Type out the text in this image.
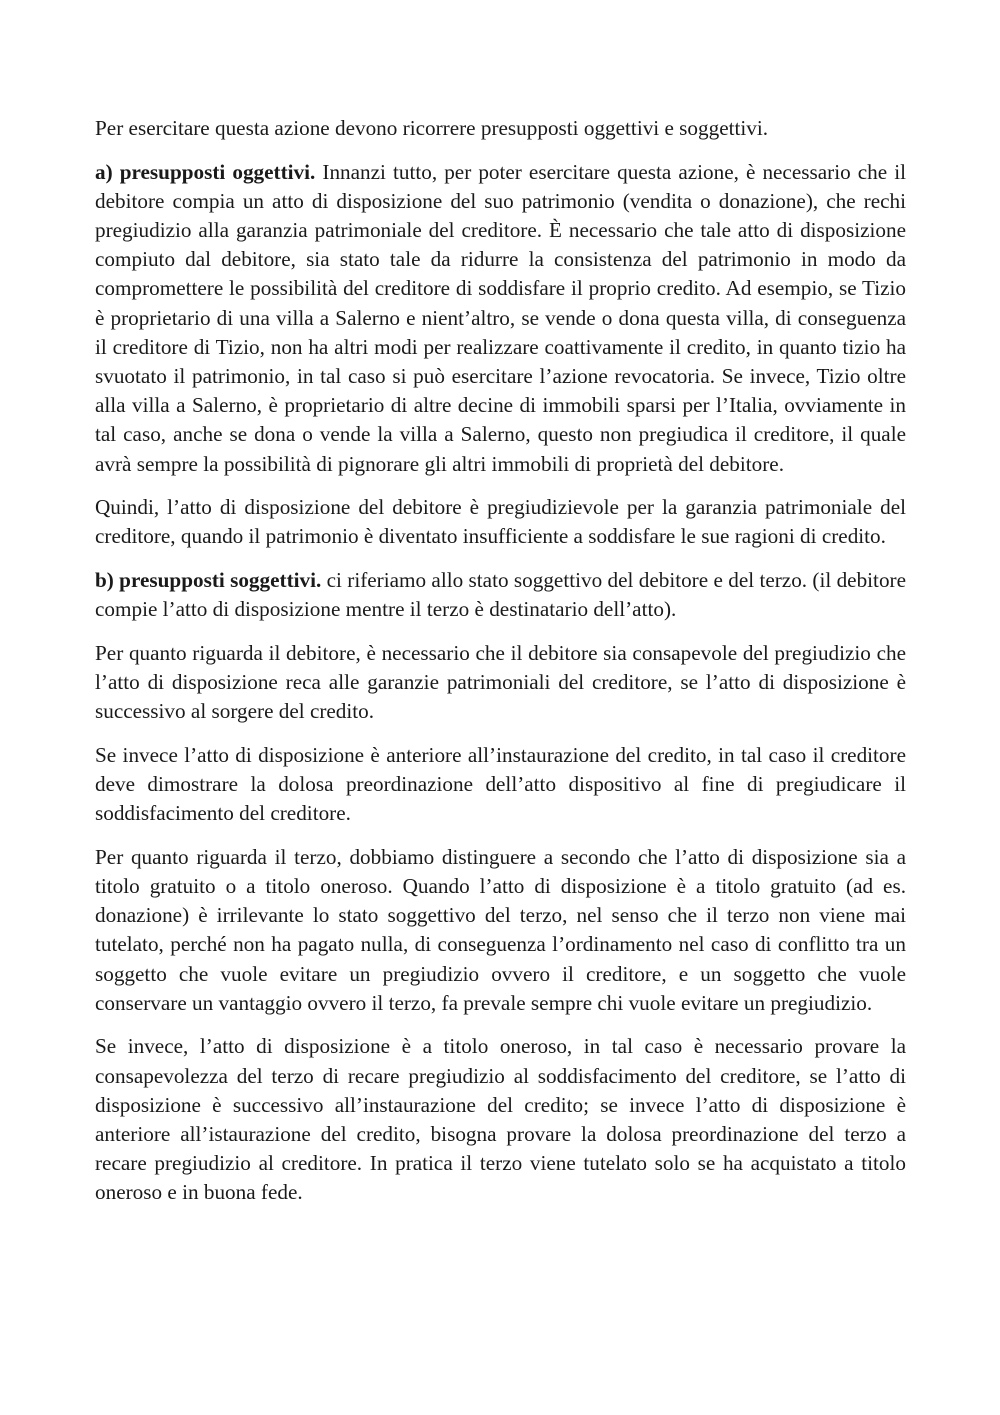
Per esercitare questa azione devono ricorrere presupposti oggettivi e soggettivi.

a) presupposti oggettivi. Innanzi tutto, per poter esercitare questa azione, è necessario che il debitore compia un atto di disposizione del suo patrimonio (vendita o donazione), che rechi pregiudizio alla garanzia patrimoniale del creditore. È necessario che tale atto di disposizione compiuto dal debitore, sia stato tale da ridurre la consistenza del patrimonio in modo da compromettere le possibilità del creditore di soddisfare il proprio credito. Ad esempio, se Tizio è proprietario di una villa a Salerno e nient’altro, se vende o dona questa villa, di conseguenza il creditore di Tizio, non ha altri modi per realizzare coattivamente il credito, in quanto tizio ha svuotato il patrimonio, in tal caso si può esercitare l’azione revocatoria. Se invece, Tizio oltre alla villa a Salerno, è proprietario di altre decine di immobili sparsi per l’Italia, ovviamente in tal caso, anche se dona o vende la villa a Salerno, questo non pregiudica il creditore, il quale avrà sempre la possibilità di pignorare gli altri immobili di proprietà del debitore.

Quindi, l’atto di disposizione del debitore è pregiudizievole per la garanzia patrimoniale del creditore, quando il patrimonio è diventato insufficiente a soddisfare le sue ragioni di credito.

b) presupposti soggettivi. ci riferiamo allo stato soggettivo del debitore e del terzo. (il debitore compie l’atto di disposizione mentre il terzo è destinatario dell’atto).

Per quanto riguarda il debitore, è necessario che il debitore sia consapevole del pregiudizio che l’atto di disposizione reca alle garanzie patrimoniali del creditore, se l’atto di disposizione è successivo al sorgere del credito.

Se invece l’atto di disposizione è anteriore all’instaurazione del credito, in tal caso il creditore deve dimostrare la dolosa preordinazione dell’atto dispositivo al fine di pregiudicare il soddisfacimento del creditore.

Per quanto riguarda il terzo, dobbiamo distinguere a secondo che l’atto di disposizione sia a titolo gratuito o a titolo oneroso. Quando l’atto di disposizione è a titolo gratuito (ad es. donazione) è irrilevante lo stato soggettivo del terzo, nel senso che il terzo non viene mai tutelato, perché non ha pagato nulla, di conseguenza l’ordinamento nel caso di conflitto tra un soggetto che vuole evitare un pregiudizio ovvero il creditore, e un soggetto che vuole conservare un vantaggio ovvero il terzo, fa prevale sempre chi vuole evitare un pregiudizio.

Se invece, l’atto di disposizione è a titolo oneroso, in tal caso è necessario provare la consapevolezza del terzo di recare pregiudizio al soddisfacimento del creditore, se l’atto di disposizione è successivo all’instaurazione del credito; se invece l’atto di disposizione è anteriore all’istaurazione del credito, bisogna provare la dolosa preordinazione del terzo a recare pregiudizio al creditore. In pratica il terzo viene tutelato solo se ha acquistato a titolo oneroso e in buona fede.
